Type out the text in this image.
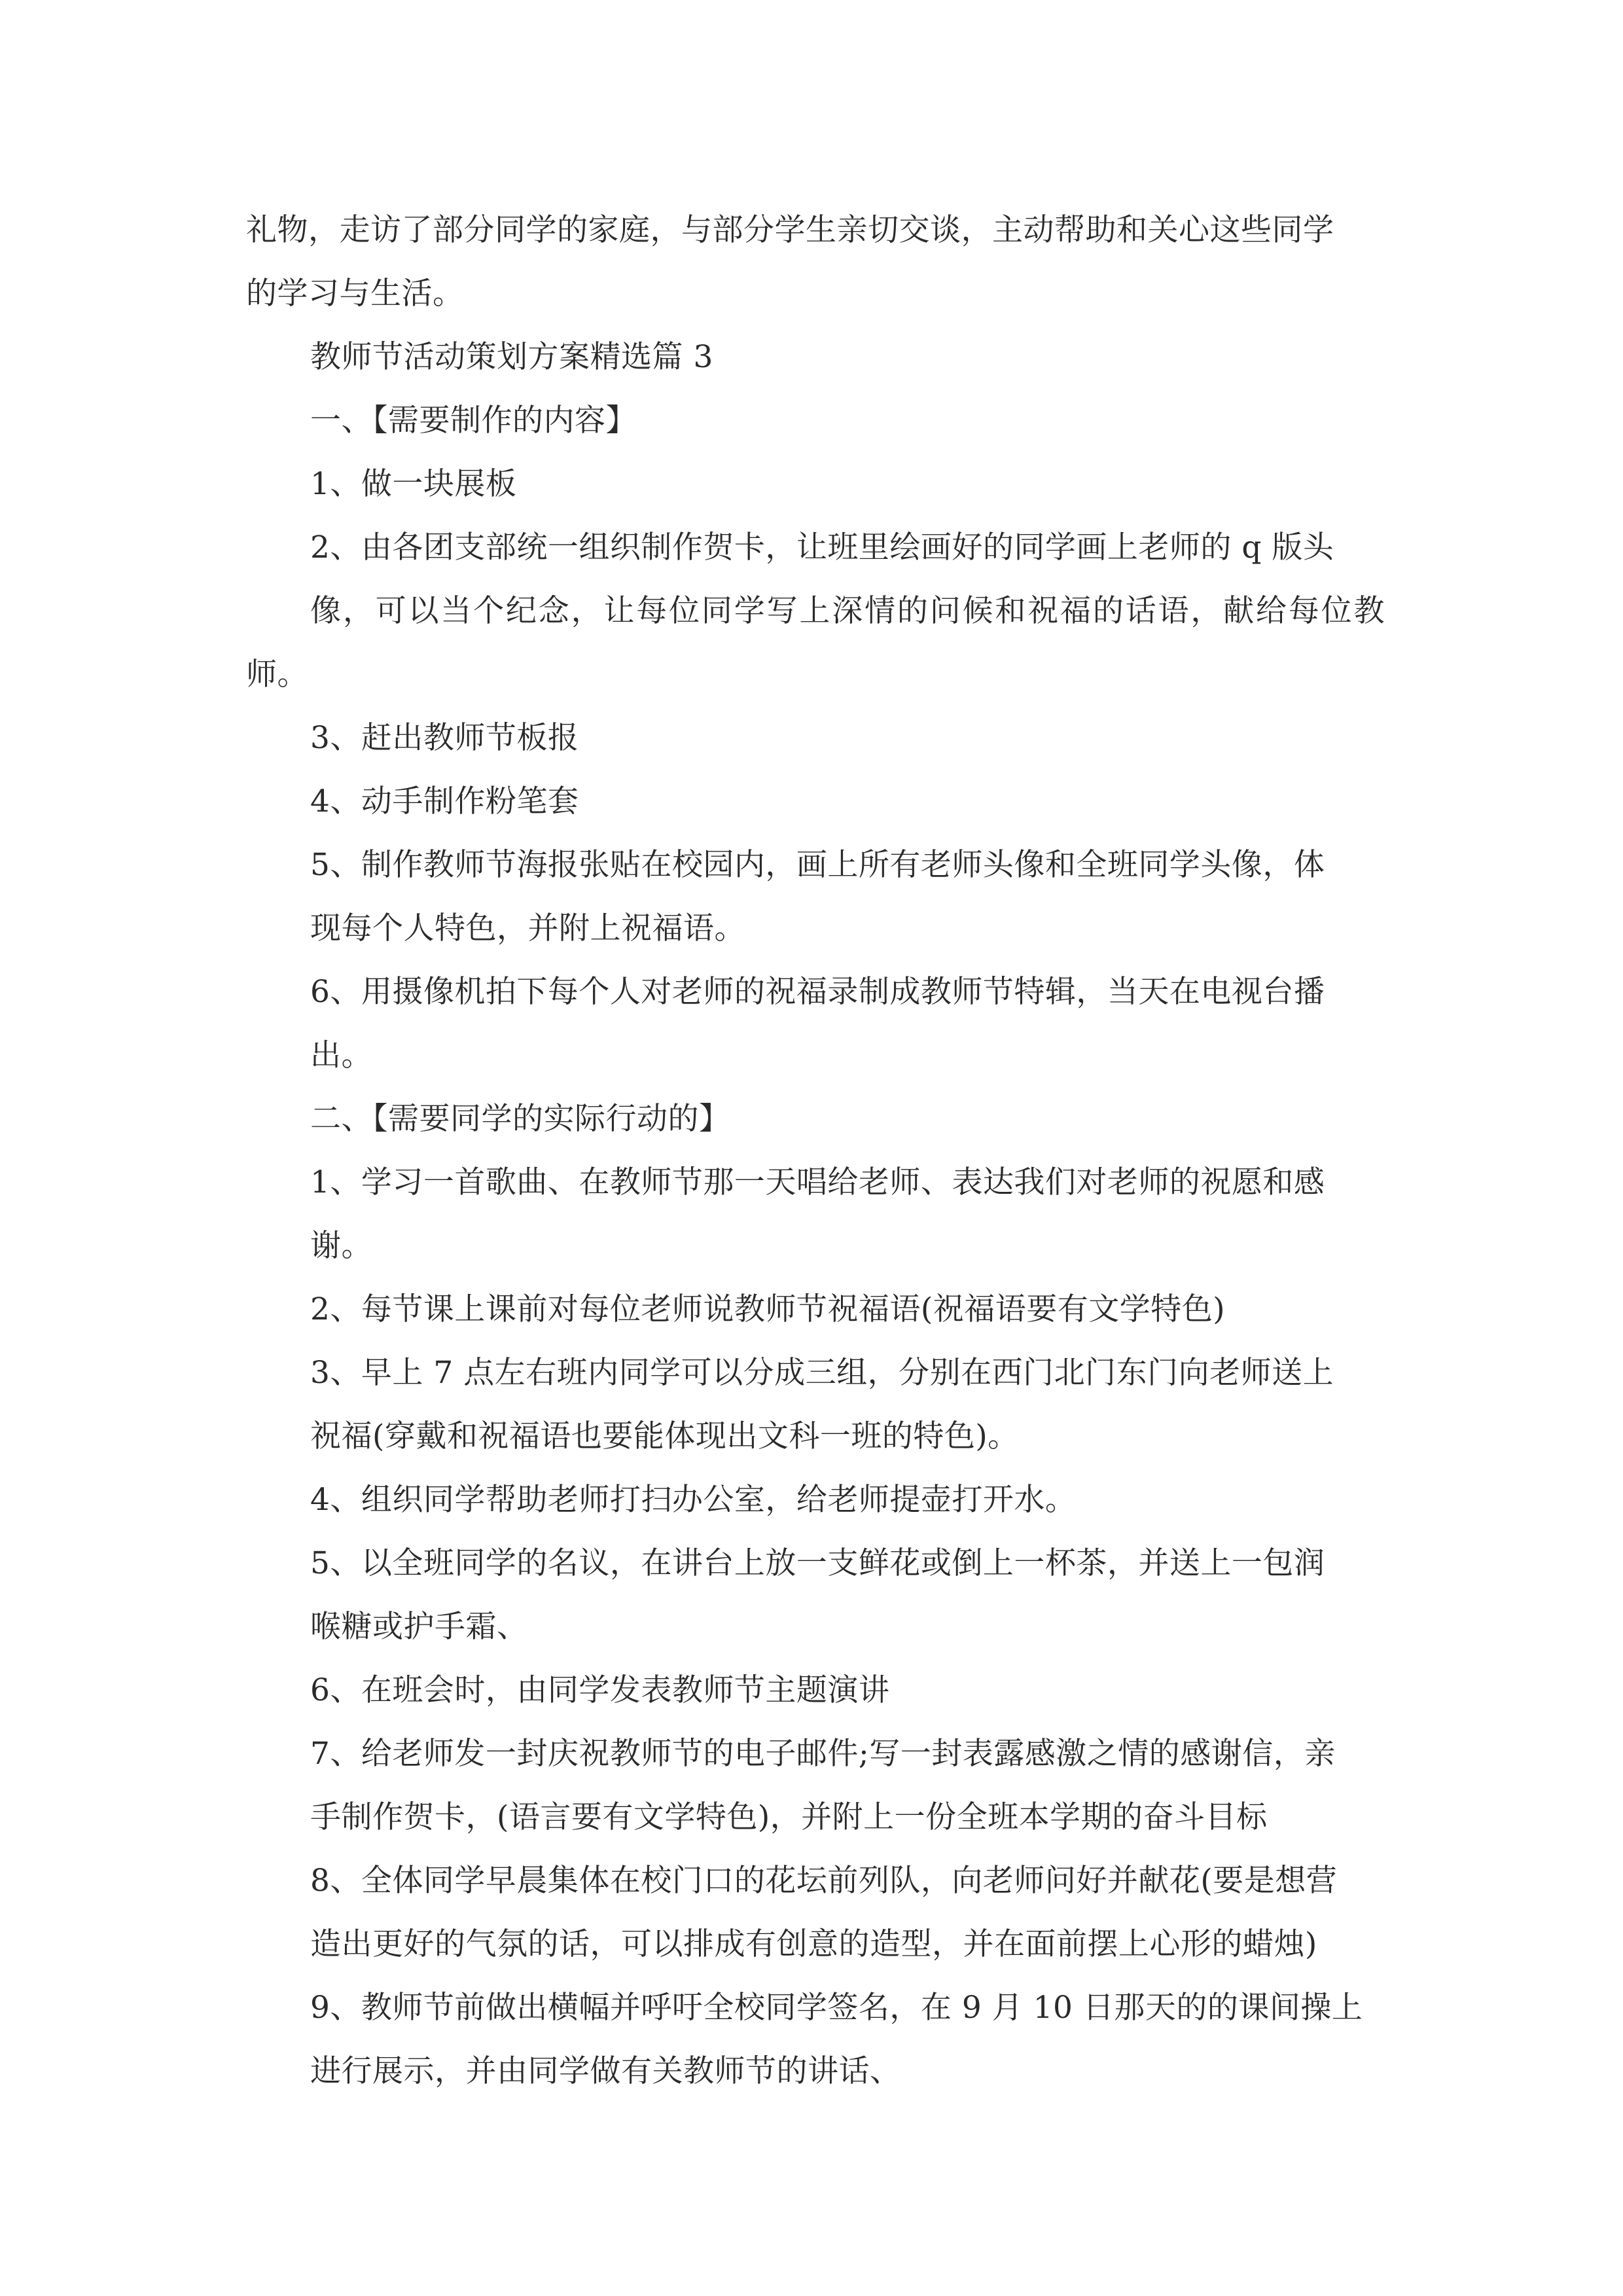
礼物，走访了部分同学的家庭，与部分学生亲切交谈，主动帮助和关心这些同学
的学习与生活。

教师节活动策划方案精选篇 3

一、【需要制作的内容】

1、做一块展板

2、由各团支部统一组织制作贺卡，让班里绘画好的同学画上老师的 q 版头
像，可以当个纪念，让每位同学写上深情的问候和祝福的话语，献给每位教师。

3、赶出教师节板报

4、动手制作粉笔套

5、制作教师节海报张贴在校园内，画上所有老师头像和全班同学头像，体
现每个人特色，并附上祝福语。

6、用摄像机拍下每个人对老师的祝福录制成教师节特辑，当天在电视台播
出。

二、【需要同学的实际行动的】

1、学习一首歌曲、在教师节那一天唱给老师、表达我们对老师的祝愿和感
谢。

2、每节课上课前对每位老师说教师节祝福语(祝福语要有文学特色)

3、早上 7 点左右班内同学可以分成三组，分别在西门北门东门向老师送上
祝福(穿戴和祝福语也要能体现出文科一班的特色)。

4、组织同学帮助老师打扫办公室，给老师提壶打开水。

5、以全班同学的名议，在讲台上放一支鲜花或倒上一杯茶，并送上一包润
喉糖或护手霜、

6、在班会时，由同学发表教师节主题演讲

7、给老师发一封庆祝教师节的电子邮件;写一封表露感激之情的感谢信，亲
手制作贺卡，(语言要有文学特色)，并附上一份全班本学期的奋斗目标

8、全体同学早晨集体在校门口的花坛前列队，向老师问好并献花(要是想营
造出更好的气氛的话，可以排成有创意的造型，并在面前摆上心形的蜡烛)

9、教师节前做出横幅并呼吁全校同学签名，在 9 月 10 日那天的的课间操上
进行展示，并由同学做有关教师节的讲话、
